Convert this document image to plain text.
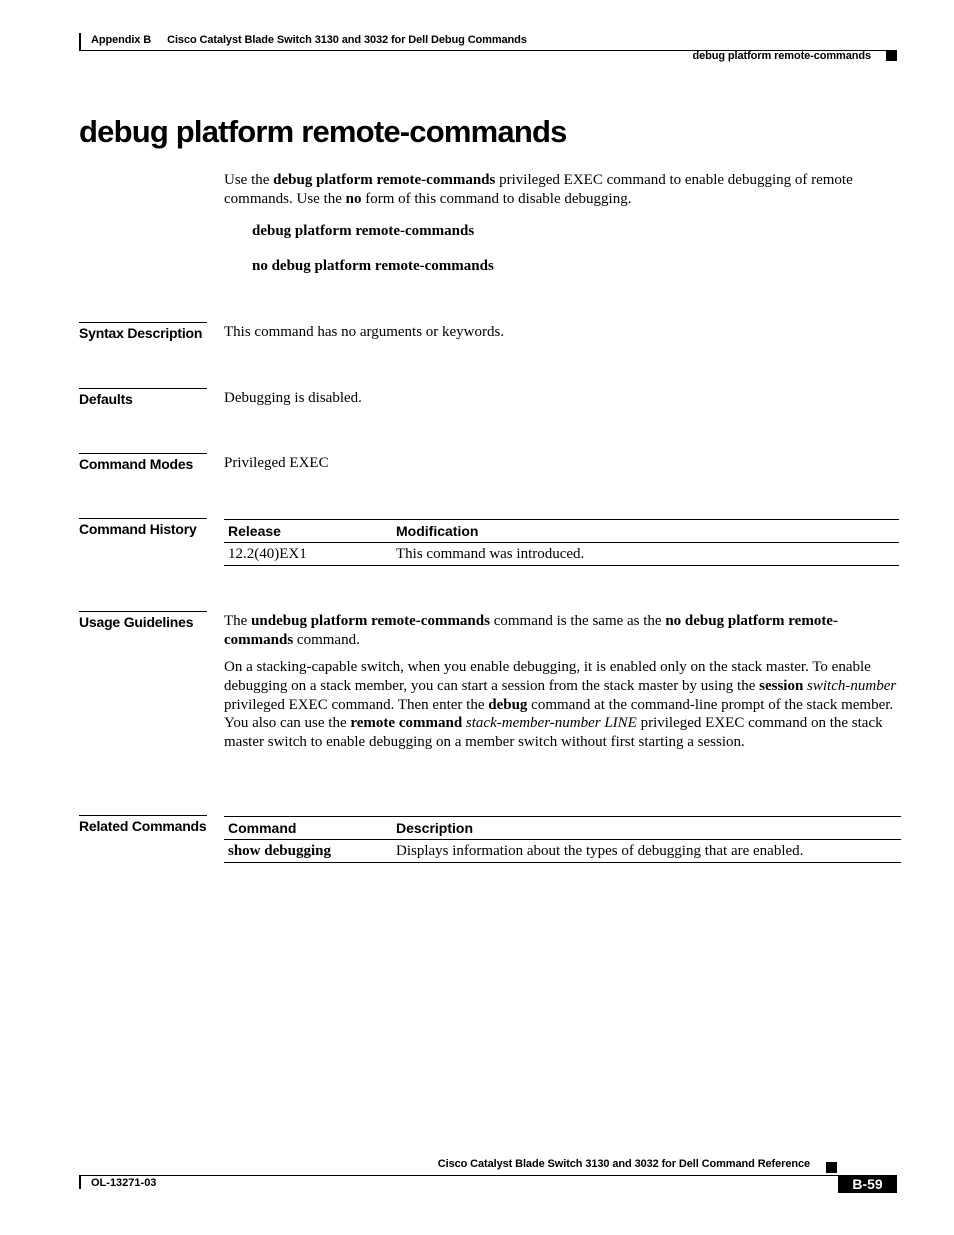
Appendix B Cisco Catalyst Blade Switch 3130 and 3032 for Dell Debug Commands
debug platform remote-commands
debug platform remote-commands
Use the debug platform remote-commands privileged EXEC command to enable debugging of remote commands. Use the no form of this command to disable debugging.
debug platform remote-commands
no debug platform remote-commands
Syntax Description	This command has no arguments or keywords.
Defaults	Debugging is disabled.
Command Modes	Privileged EXEC
Command History	Release	Modification
12.2(40)EX1	This command was introduced.
Usage Guidelines	The undebug platform remote-commands command is the same as the no debug platform remote-commands command.
On a stacking-capable switch, when you enable debugging, it is enabled only on the stack master. To enable debugging on a stack member, you can start a session from the stack master by using the session switch-number privileged EXEC command. Then enter the debug command at the command-line prompt of the stack member. You also can use the remote command stack-member-number LINE privileged EXEC command on the stack master switch to enable debugging on a member switch without first starting a session.
Related Commands Command	Description
show debugging	Displays information about the types of debugging that are enabled.
Cisco Catalyst Blade Switch 3130 and 3032 for Dell Command Reference
OL-13271-03	B-59
